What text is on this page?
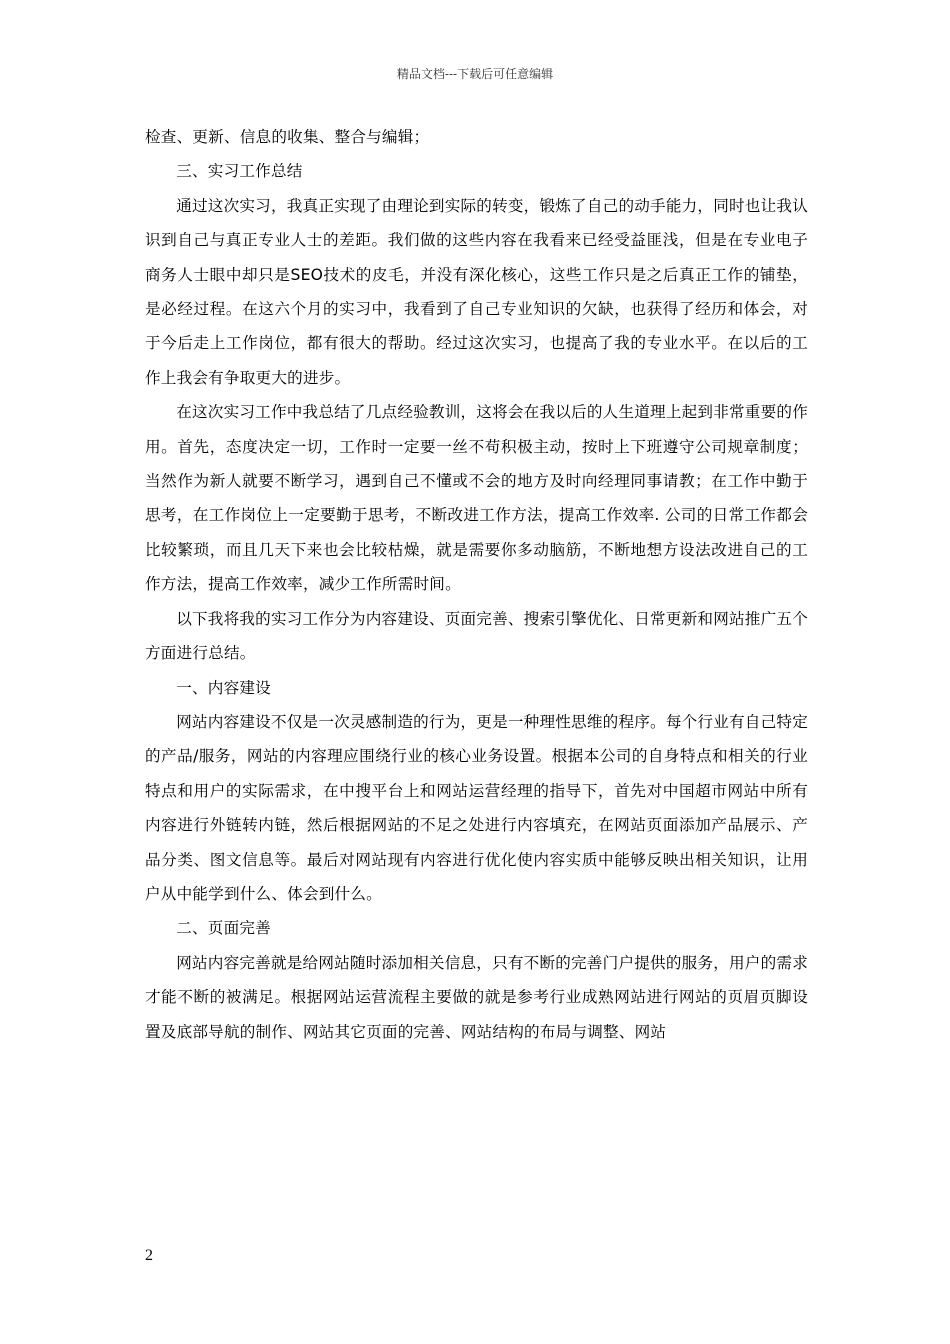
精品文档---下载后可任意编辑

检查、更新、信息的收集、整合与编辑；

三、实习工作总结

通过这次实习，我真正实现了由理论到实际的转变，锻炼了自己的动手能力，同时也让我认识到自己与真正专业人士的差距。我们做的这些内容在我看来已经受益匪浅，但是在专业电子商务人士眼中却只是SEO技术的皮毛，并没有深化核心，这些工作只是之后真正工作的铺垫，是必经过程。在这六个月的实习中，我看到了自己专业知识的欠缺，也获得了经历和体会，对于今后走上工作岗位，都有很大的帮助。经过这次实习，也提高了我的专业水平。在以后的工作上我会有争取更大的进步。

在这次实习工作中我总结了几点经验教训，这将会在我以后的人生道理上起到非常重要的作用。首先，态度决定一切，工作时一定要一丝不苟积极主动，按时上下班遵守公司规章制度；当然作为新人就要不断学习，遇到自己不懂或不会的地方及时向经理同事请教；在工作中勤于思考，在工作岗位上一定要勤于思考，不断改进工作方法，提高工作效率. 公司的日常工作都会比较繁琐，而且几天下来也会比较枯燥，就是需要你多动脑筋，不断地想方设法改进自己的工作方法，提高工作效率，减少工作所需时间。

以下我将我的实习工作分为内容建设、页面完善、搜索引擎优化、日常更新和网站推广五个方面进行总结。

一、内容建设

网站内容建设不仅是一次灵感制造的行为，更是一种理性思维的程序。每个行业有自己特定的产品/服务，网站的内容理应围绕行业的核心业务设置。根据本公司的自身特点和相关的行业特点和用户的实际需求，在中搜平台上和网站运营经理的指导下，首先对中国超市网站中所有内容进行外链转内链，然后根据网站的不足之处进行内容填充，在网站页面添加产品展示、产品分类、图文信息等。最后对网站现有内容进行优化使内容实质中能够反映出相关知识，让用户从中能学到什么、体会到什么。

二、页面完善

网站内容完善就是给网站随时添加相关信息，只有不断的完善门户提供的服务，用户的需求才能不断的被满足。根据网站运营流程主要做的就是参考行业成熟网站进行网站的页眉页脚设置及底部导航的制作、网站其它页面的完善、网站结构的布局与调整、网站

2
